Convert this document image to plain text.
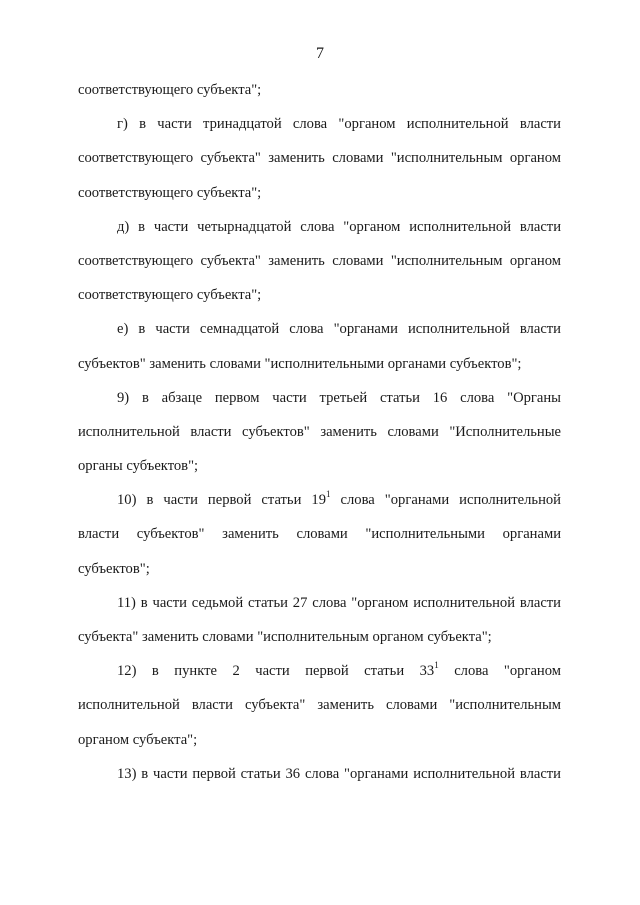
7
соответствующего субъекта";
г) в части тринадцатой слова "органом исполнительной власти
соответствующего субъекта" заменить словами "исполнительным органом
соответствующего субъекта";
д) в части четырнадцатой слова "органом исполнительной власти
соответствующего субъекта" заменить словами "исполнительным органом
соответствующего субъекта";
е) в части семнадцатой слова "органами исполнительной власти
субъектов" заменить словами "исполнительными органами субъектов";
9) в абзаце первом части третьей статьи 16 слова "Органы
исполнительной власти субъектов" заменить словами "Исполнительные
органы субъектов";
10) в части первой статьи $19^1$ слова "органами исполнительной
власти субъектов" заменить словами "исполнительными органами
субъектов";
11) в части седьмой статьи 27 слова "органом исполнительной власти
субъекта" заменить словами "исполнительным органом субъекта";
12) в пункте 2 части первой статьи $33^1$ слова "органом
исполнительной власти субъекта" заменить словами "исполнительным
органом субъекта";
13) в части первой статьи 36 слова "органами исполнительной власти
